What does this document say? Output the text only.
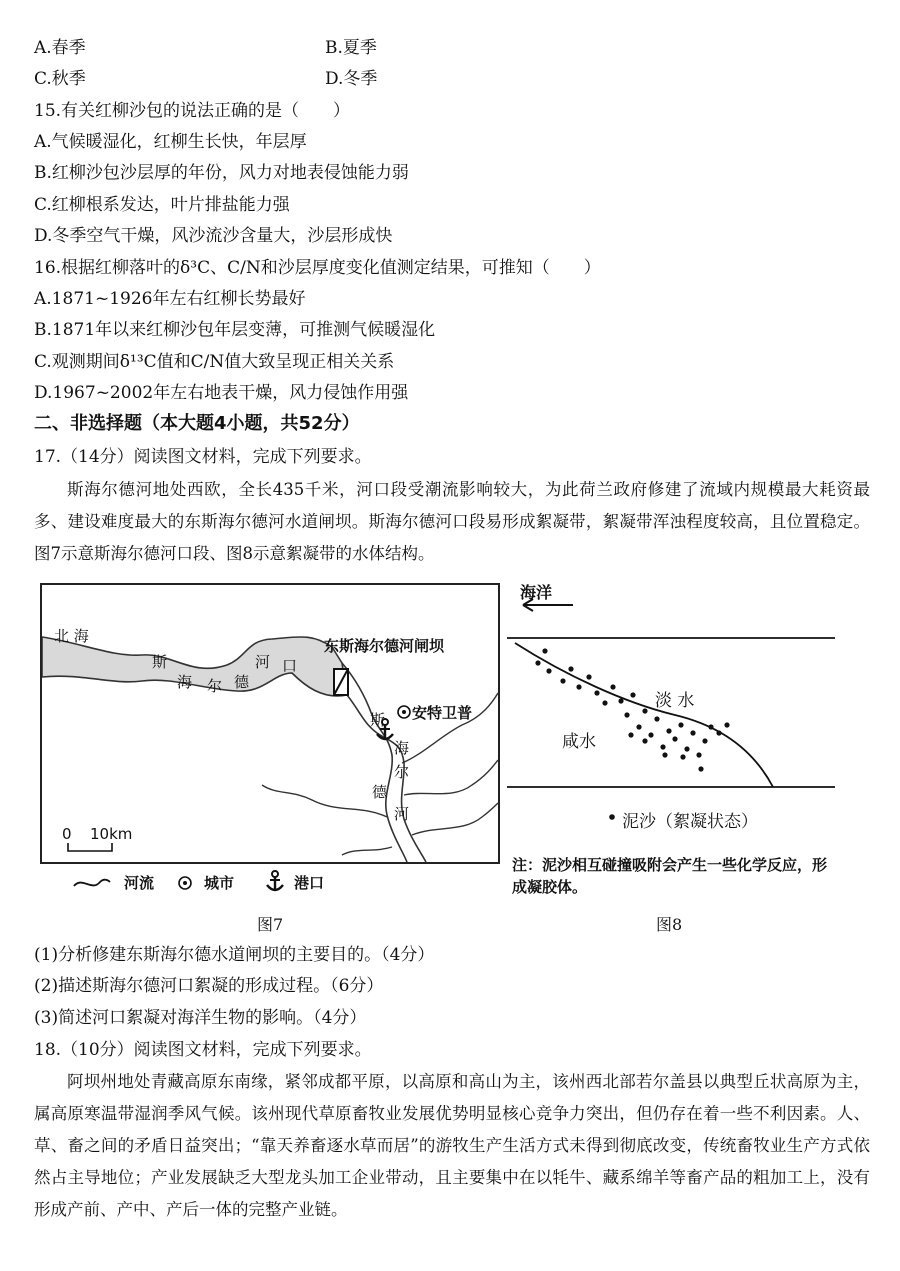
A.春季	B.夏季
C.秋季	D.冬季
15.有关红柳沙包的说法正确的是（　　）
A.气候暖湿化，红柳生长快，年层厚
B.红柳沙包沙层厚的年份，风力对地表侵蚀能力弱
C.红柳根系发达，叶片排盐能力强
D.冬季空气干燥，风沙流沙含量大，沙层形成快
16.根据红柳落叶的δ³C、C/N和沙层厚度变化值测定结果，可推知（　　）
A.1871~1926年左右红柳长势最好
B.1871年以来红柳沙包年层变薄，可推测气候暖湿化
C.观测期间δ¹³C值和C/N值大致呈现正相关关系
D.1967~2002年左右地表干燥，风力侵蚀作用强
二、非选择题（本大题4小题，共52分）
17.（14分）阅读图文材料，完成下列要求。
斯海尔德河地处西欧，全长435千米，河口段受潮流影响较大，为此荷兰政府修建了流域内规模最大耗资最多、建设难度最大的东斯海尔德河水道闸坝。斯海尔德河口段易形成絮凝带，絮凝带浑浊程度较高，且位置稳定。图7示意斯海尔德河口段、图8示意絮凝带的水体结构。
北 海
斯
海 尔 德
河 口
东斯海尔德河闸坝
安特卫普
斯
海
尔
德
河
0 10km
河流	城市	港口
图7
海洋
淡 水
咸水
泥沙（絮凝状态）
注：泥沙相互碰撞吸附会产生一些化学反应，形成凝胶体。
图8
(1)分析修建东斯海尔德水道闸坝的主要目的。（4分）
(2)描述斯海尔德河口絮凝的形成过程。（6分）
(3)简述河口絮凝对海洋生物的影响。（4分）
18.（10分）阅读图文材料，完成下列要求。
阿坝州地处青藏高原东南缘，紧邻成都平原，以高原和高山为主，该州西北部若尔盖县以典型丘状高原为主，属高原寒温带湿润季风气候。该州现代草原畜牧业发展优势明显核心竞争力突出，但仍存在着一些不利因素。人、草、畜之间的矛盾日益突出；“靠天养畜逐水草而居”的游牧生产生活方式未得到彻底改变，传统畜牧业生产方式依然占主导地位；产业发展缺乏大型龙头加工企业带动，且主要集中在以牦牛、藏系绵羊等畜产品的粗加工上，没有形成产前、产中、产后一体的完整产业链。
